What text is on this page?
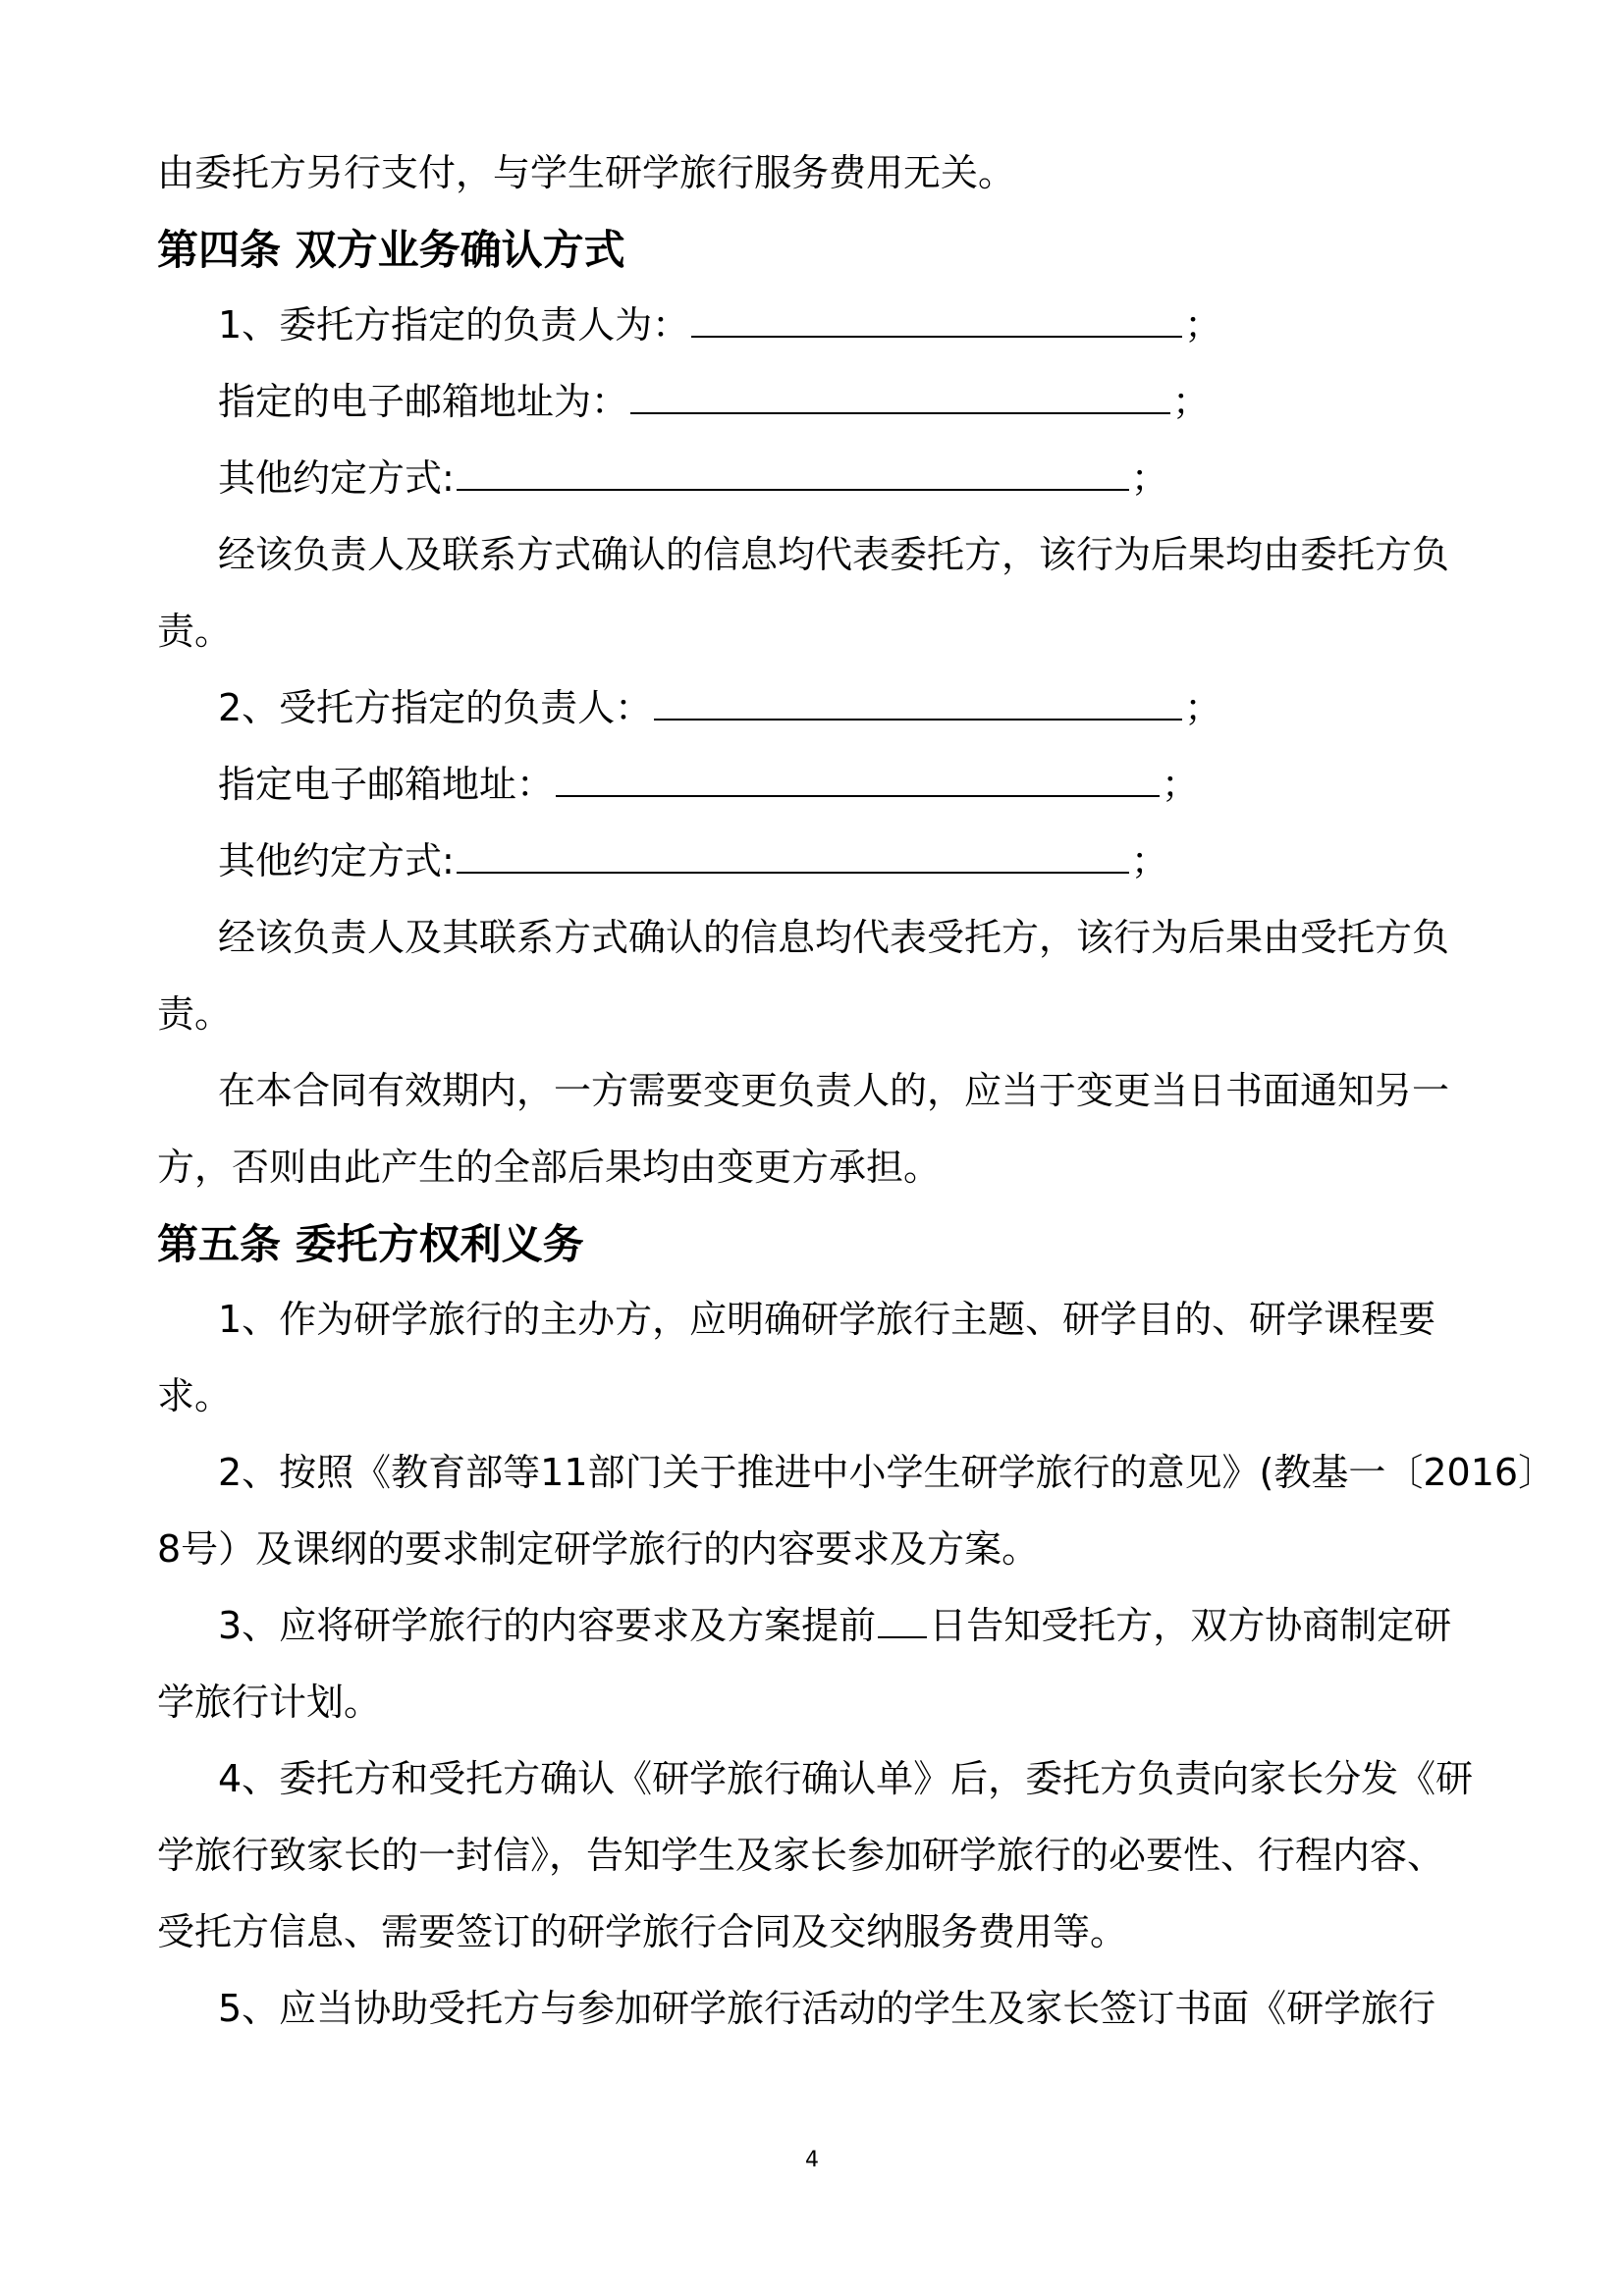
由委托方另行支付，与学生研学旅行服务费用无关。
第四条 双方业务确认方式
1、委托方指定的负责人为：	；
指定的电子邮箱地址为：	；
其他约定方式:	；
经该负责人及联系方式确认的信息均代表委托方，该行为后果均由委托方负
责。
2、受托方指定的负责人：	；
指定电子邮箱地址：	；
其他约定方式:	；
经该负责人及其联系方式确认的信息均代表受托方，该行为后果由受托方负
责。
在本合同有效期内，一方需要变更负责人的，应当于变更当日书面通知另一
方，否则由此产生的全部后果均由变更方承担。
第五条 委托方权利义务
1、作为研学旅行的主办方，应明确研学旅行主题、研学目的、研学课程要
求。
2、按照《教育部等11部门关于推进中小学生研学旅行的意见》(教基一〔2016〕
8号）及课纲的要求制定研学旅行的内容要求及方案。
3、应将研学旅行的内容要求及方案提前 日告知受托方，双方协商制定研
学旅行计划。
4、委托方和受托方确认《研学旅行确认单》后，委托方负责向家长分发《研
学旅行致家长的一封信》，告知学生及家长参加研学旅行的必要性、行程内容、
受托方信息、需要签订的研学旅行合同及交纳服务费用等。
5、应当协助受托方与参加研学旅行活动的学生及家长签订书面《研学旅行
4
